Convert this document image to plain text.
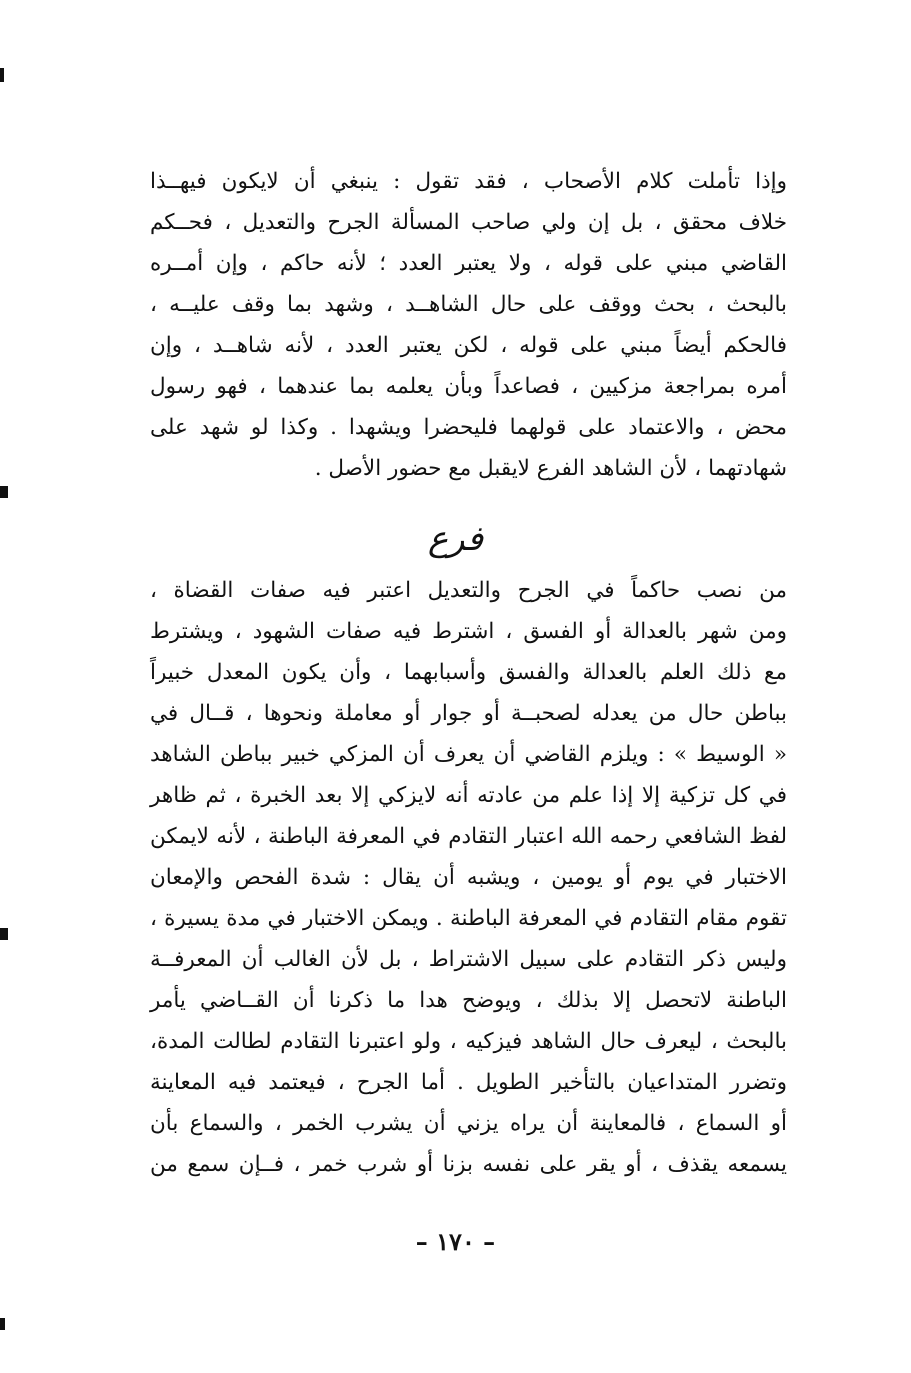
وإذا تأملت كلام الأصحاب ، فقد تقول : ينبغي أن لايكون فيهــذا
خلاف محقق ، بل إن ولي صاحب المسألة الجرح والتعديل ، فحــكم
القاضي مبني على قوله ، ولا يعتبر العدد ؛ لأنه حاكم ، وإن أمــره
بالبحث ، بحث ووقف على حال الشاهــد ، وشهد بما وقف عليــه ،
فالحكم أيضاً مبني على قوله ، لكن يعتبر العدد ، لأنه شاهــد ، وإن
أمره بمراجعة مزكيين ، فصاعداً وبأن يعلمه بما عندهما ، فهو رسول
محض ، والاعتماد على قولهما فليحضرا ويشهدا . وكذا لو شهد على
شهادتهما ، لأن الشاهد الفرع لايقبل مع حضور الأصل .
فرع
من نصب حاكماً في الجرح والتعديل اعتبر فيه صفات القضاة ،
ومن شهر بالعدالة أو الفسق ، اشترط فيه صفات الشهود ، ويشترط
مع ذلك العلم بالعدالة والفسق وأسبابهما ، وأن يكون المعدل خبيراً
بباطن حال من يعدله لصحبــة أو جوار أو معاملة ونحوها ، قــال في
« الوسيط » : ويلزم القاضي أن يعرف أن المزكي خبير بباطن الشاهد
في كل تزكية إلا إذا علم من عادته أنه لايزكي إلا بعد الخبرة ، ثم ظاهر
لفظ الشافعي رحمه الله اعتبار التقادم في المعرفة الباطنة ، لأنه لايمكن
الاختبار في يوم أو يومين ، ويشبه أن يقال : شدة الفحص والإمعان
تقوم مقام التقادم في المعرفة الباطنة . ويمكن الاختبار في مدة يسيرة ،
وليس ذكر التقادم على سبيل الاشتراط ، بل لأن الغالب أن المعرفــة
الباطنة لاتحصل إلا بذلك ، ويوضح هدا ما ذكرنا أن القــاضي يأمر
بالبحث ، ليعرف حال الشاهد فيزكيه ، ولو اعتبرنا التقادم لطالت المدة،
وتضرر المتداعيان بالتأخير الطويل . أما الجرح ، فيعتمد فيه المعاينة
أو السماع ، فالمعاينة أن يراه يزني أن يشرب الخمر ، والسماع بأن
يسمعه يقذف ، أو يقر على نفسه بزنا أو شرب خمر ، فــإن سمع من
– ١٧٠ –
